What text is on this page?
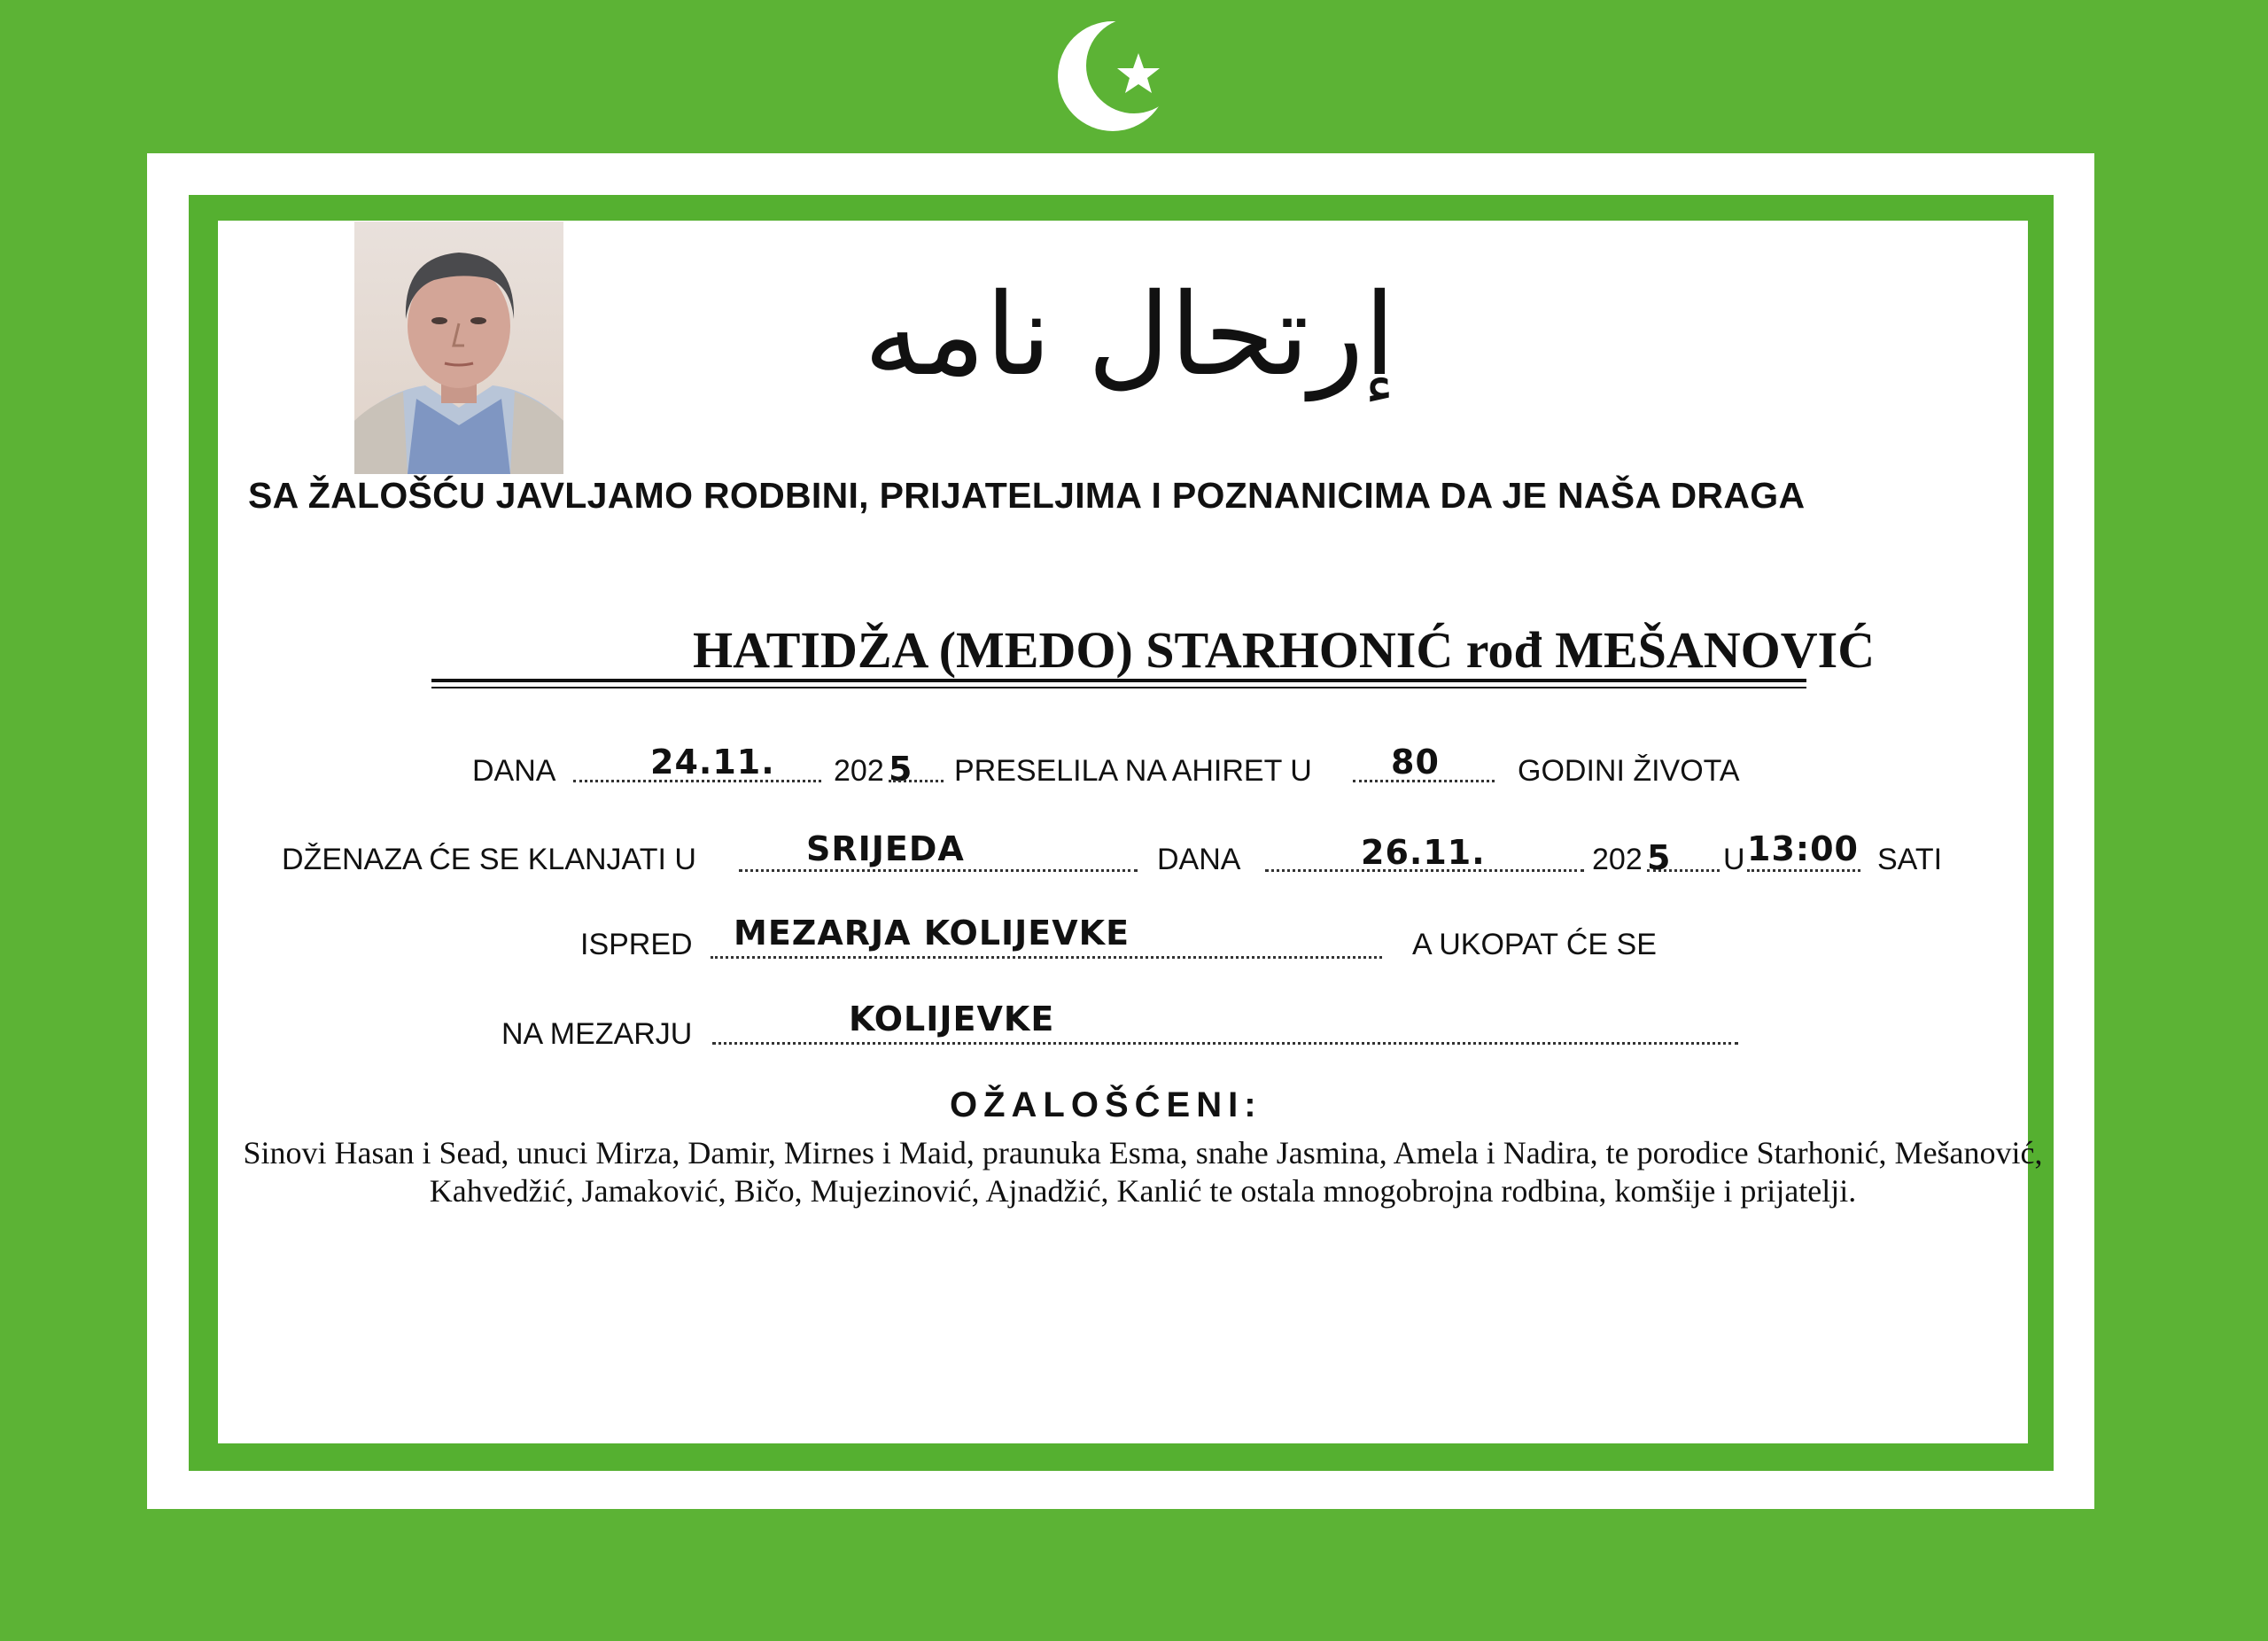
إرتحال نامه
SA ŽALOŠĆU JAVLJAMO RODBINI, PRIJATELJIMA I POZNANICIMA DA JE NAŠA DRAGA
HATIDŽA (MEDO) STARHONIĆ rođ MEŠANOVIĆ
DANA	24.11. 202 5 PRESELILA NA AHIRET U 80	GODINI ŽIVOTA
DŽENAZA ĆE SE KLANJATI U	SRIJEDA	DANA	26.11.	202 5 U 13:00 SATI
ISPRED MEZARJA KOLIJEVKE	A UKOPAT ĆE SE
NA MEZARJU	KOLIJEVKE
OŽALOŠĆENI:
Sinovi Hasan i Sead, unuci Mirza, Damir, Mirnes i Maid, praunuka Esma, snahe Jasmina, Amela i Nadira, te porodice Starhonić, Mešanović, Kahvedžić, Jamaković, Bičo, Mujezinović, Ajnadžić, Kanlić te ostala mnogobrojna rodbina, komšije i prijatelji.
